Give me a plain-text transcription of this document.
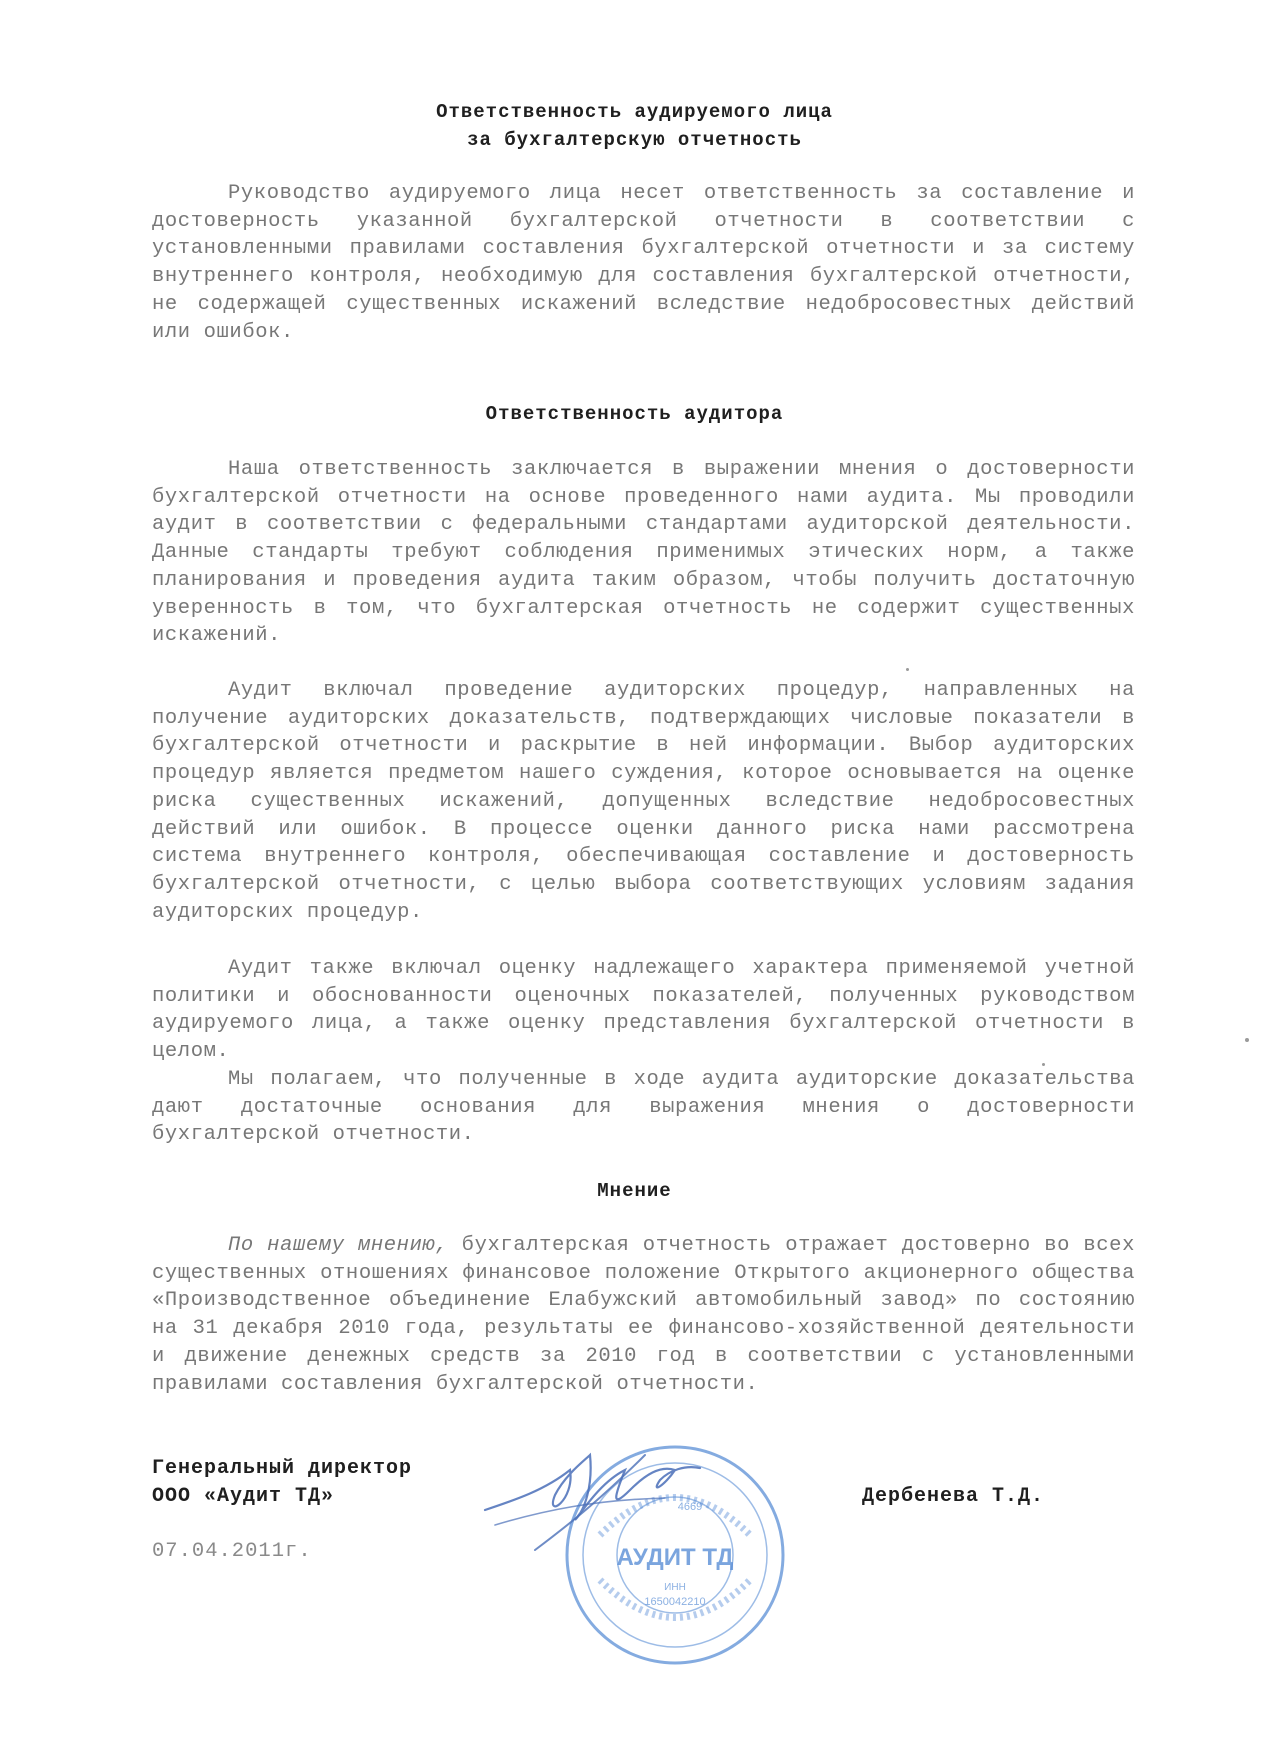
Ответственность аудируемого лица
за бухгалтерскую отчетность

Руководство аудируемого лица несет ответственность за составление и достоверность указанной бухгалтерской отчетности в соответствии с установленными правилами составления бухгалтерской отчетности и за систему внутреннего контроля, необходимую для составления бухгалтерской отчетности, не содержащей существенных искажений вследствие недобросовестных действий или ошибок.

Ответственность аудитора

Наша ответственность заключается в выражении мнения о достоверности бухгалтерской отчетности на основе проведенного нами аудита. Мы проводили аудит в соответствии с федеральными стандартами аудиторской деятельности. Данные стандарты требуют соблюдения применимых этических норм, а также планирования и проведения аудита таким образом, чтобы получить достаточную уверенность в том, что бухгалтерская отчетность не содержит существенных искажений.

Аудит включал проведение аудиторских процедур, направленных на получение аудиторских доказательств, подтверждающих числовые показатели в бухгалтерской отчетности и раскрытие в ней информации. Выбор аудиторских процедур является предметом нашего суждения, которое основывается на оценке риска существенных искажений, допущенных вследствие недобросовестных действий или ошибок. В процессе оценки данного риска нами рассмотрена система внутреннего контроля, обеспечивающая составление и достоверность бухгалтерской отчетности, с целью выбора соответствующих условиям задания аудиторских процедур.

Аудит также включал оценку надлежащего характера применяемой учетной политики и обоснованности оценочных показателей, полученных руководством аудируемого лица, а также оценку представления бухгалтерской отчетности в целом.

Мы полагаем, что полученные в ходе аудита аудиторские доказательства дают достаточные основания для выражения мнения о достоверности бухгалтерской отчетности.

Мнение

По нашему мнению, бухгалтерская отчетность отражает достоверно во всех существенных отношениях финансовое положение Открытого акционерного общества «Производственное объединение Елабужский автомобильный завод» по состоянию на 31 декабря 2010 года, результаты ее финансово-хозяйственной деятельности и движение денежных средств за 2010 год в соответствии с установленными правилами составления бухгалтерской отчетности.

Генеральный директор
ООО «Аудит ТД»	Дербенева Т.Д.
07.04.2011г.	АУДИТ ТД
ИНН
1650042210
4669
